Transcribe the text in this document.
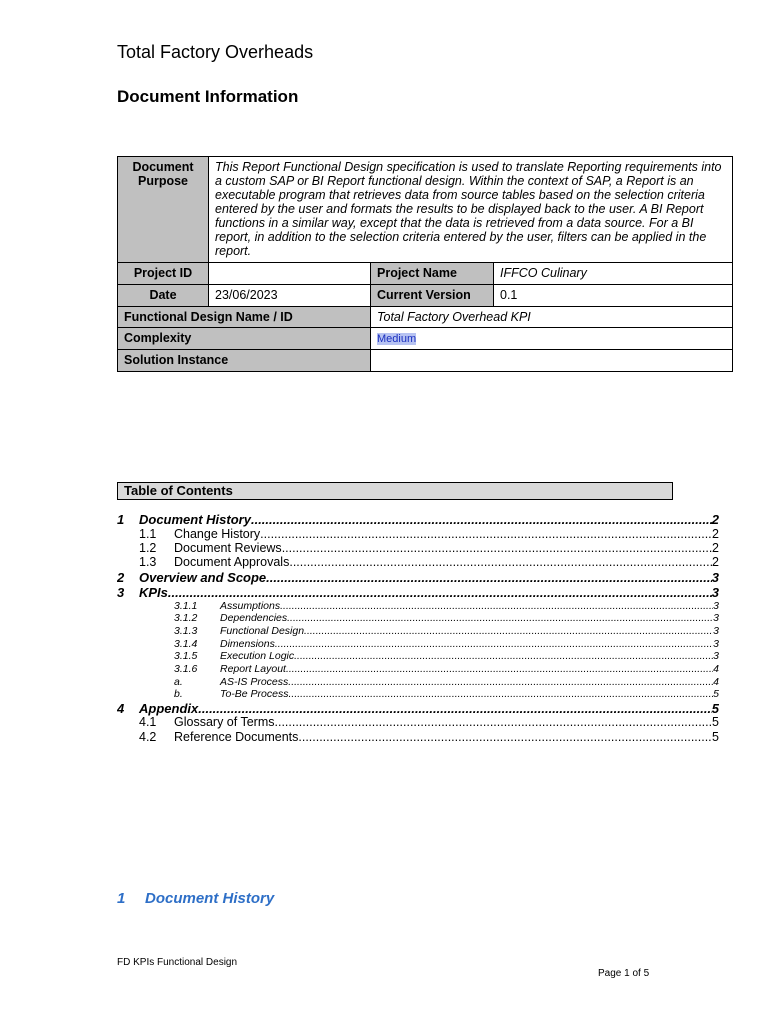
Total Factory Overheads
Document Information
Document Purpose	This Report Functional Design specification is used to translate Reporting requirements into a custom SAP or BI Report functional design. Within the context of SAP, a Report is an executable program that retrieves data from source tables based on the selection criteria entered by the user and formats the results to be displayed back to the user. A BI Report functions in a similar way, except that the data is retrieved from a data source. For a BI report, in addition to the selection criteria entered by the user, filters can be applied in the report.		
Project ID		Project Name	IFFCO Culinary
Date	23/06/2023	Current Version	0.1
Functional Design Name / ID		Total Factory Overhead KPI	
Complexity		Medium	
Solution Instance			
Table of Contents
1	Document History .....	2
1.1	Change History .....	2
1.2	Document Reviews .....	2
1.3	Document Approvals .....	2
2	Overview and Scope .....	3
3	KPIs .....	3
3.1.1	Assumptions .....	3
3.1.2	Dependencies .....	3
3.1.3	Functional Design .....	3
3.1.4	Dimensions .....	3
3.1.5	Execution Logic .....	3
3.1.6	Report Layout .....	4
a.	AS-IS Process .....	4
b.	To-Be Process .....	5
4	Appendix .....	5
4.1	Glossary of Terms .....	5
4.2	Reference Documents .....	5
1 Document History
FD KPIs Functional Design
Page 1 of 5
